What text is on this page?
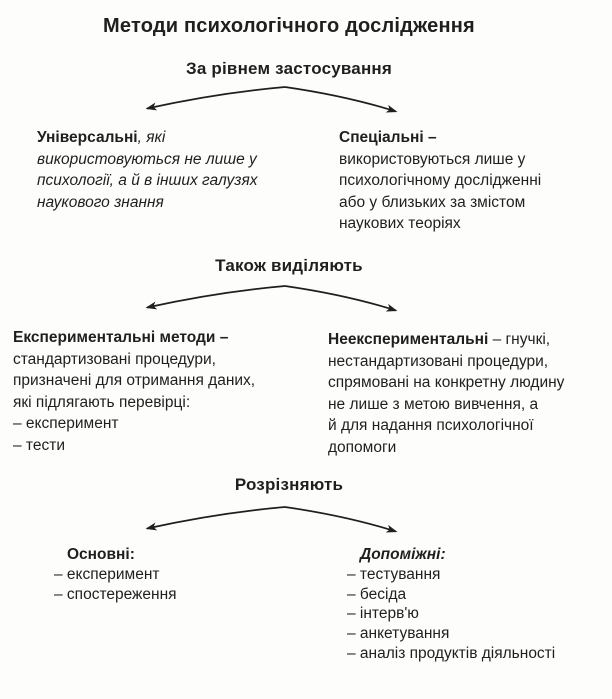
Методи психологічного дослідження
За рівнем застосування
Універсальні, які
використовуються не лише у
психології, а й в інших галузях
наукового знання
Спеціальні –
використовуються лише у
психологічному дослідженні
або у близьких за змістом
наукових теоріях
Також виділяють
Експериментальні методи –
стандартизовані процедури,
призначені для отримання даних,
які підлягають перевірці:
– експеримент
– тести
Неекспериментальні – гнучкі,
нестандартизовані процедури,
спрямовані на конкретну людину
не лише з метою вивчення, а
й для надання психологічної
допомоги
Розрізняють
Основні:
– експеримент
– спостереження
Допоміжні:
– тестування
– бесіда
– інтерв'ю
– анкетування
– аналіз продуктів діяльності
